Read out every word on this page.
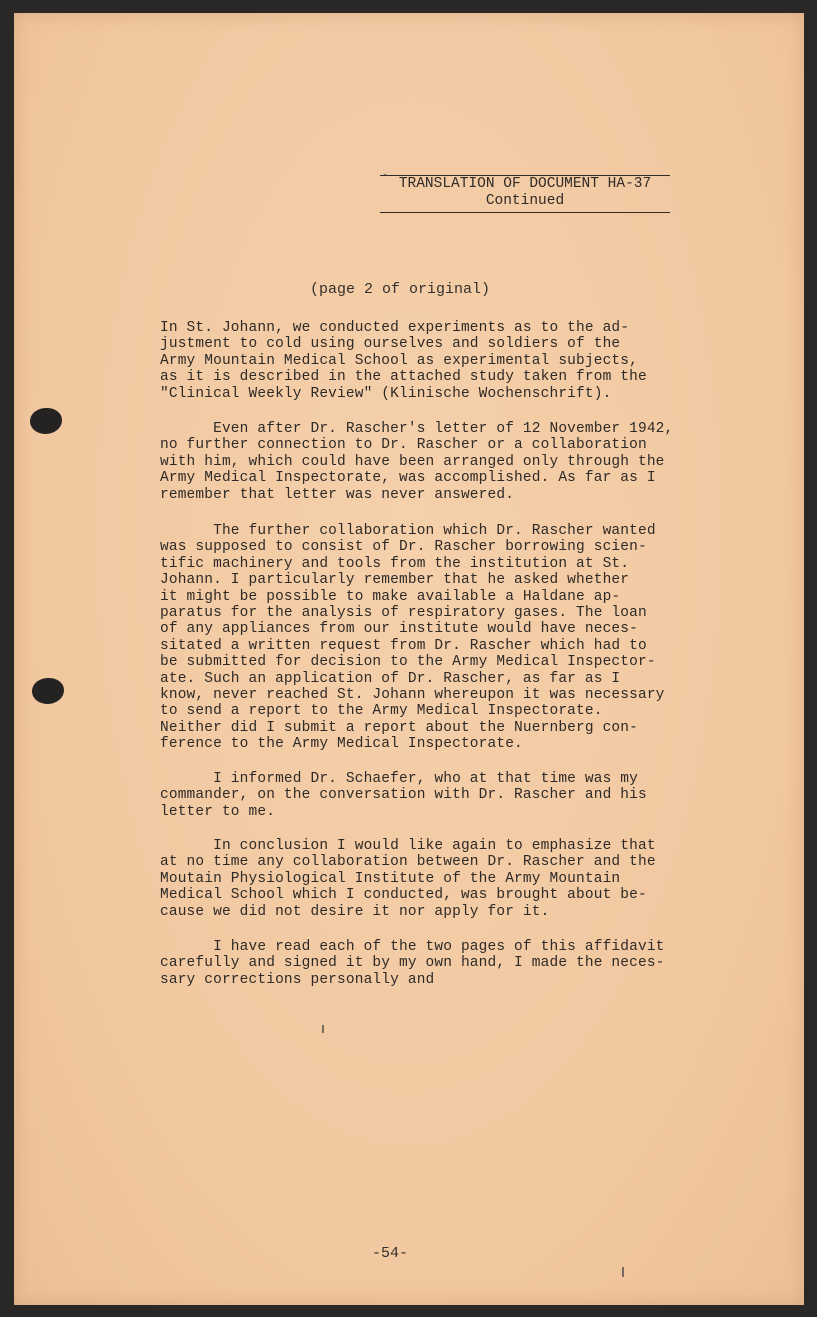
ˇ TRANSLATION OF DOCUMENT HA-37
Continued
(page 2 of original)

In St. Johann, we conducted experiments as to the ad-
justment to cold using ourselves and soldiers of the
Army Mountain Medical School as experimental subjects,
as it is described in the attached study taken from the
"Clinical Weekly Review" (Klinische Wochenschrift).

Even after Dr. Rascher's letter of 12 November 1942,
no further connection to Dr. Rascher or a collaboration
with him, which could have been arranged only through the
Army Medical Inspectorate, was accomplished. As far as I
remember that letter was never answered.

The further collaboration which Dr. Rascher wanted
was supposed to consist of Dr. Rascher borrowing scien-
tific machinery and tools from the institution at St.
Johann. I particularly remember that he asked whether
it might be possible to make available a Haldane ap-
paratus for the analysis of respiratory gases. The loan
of any appliances from our institute would have neces-
sitated a written request from Dr. Rascher which had to
be submitted for decision to the Army Medical Inspector-
ate. Such an application of Dr. Rascher, as far as I
know, never reached St. Johann whereupon it was necessary
to send a report to the Army Medical Inspectorate.
Neither did I submit a report about the Nuernberg con-
ference to the Army Medical Inspectorate.

I informed Dr. Schaefer, who at that time was my
commander, on the conversation with Dr. Rascher and his
letter to me.

In conclusion I would like again to emphasize that
at no time any collaboration between Dr. Rascher and the
Moutain Physiological Institute of the Army Mountain
Medical School which I conducted, was brought about be-
cause we did not desire it nor apply for it.

I have read each of the two pages of this affidavit
carefully and signed it by my own hand, I made the neces-
sary corrections personally and

-54-
